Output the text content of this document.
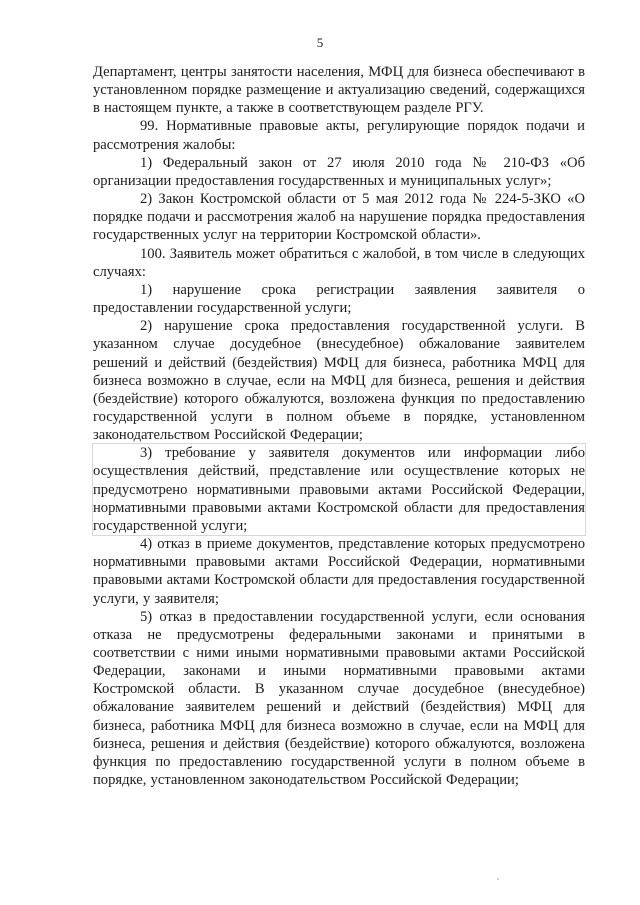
5

Департамент, центры занятости населения, МФЦ для бизнеса обеспечивают в установленном порядке размещение и актуализацию сведений, содержащихся в настоящем пункте, а также в соответствующем разделе РГУ.

99. Нормативные правовые акты, регулирующие порядок подачи и рассмотрения жалобы:

1) Федеральный закон от 27 июля 2010 года № 210-ФЗ «Об организации предоставления государственных и муниципальных услуг»;

2) Закон Костромской области от 5 мая 2012 года № 224-5-ЗКО «О порядке подачи и рассмотрения жалоб на нарушение порядка предоставления государственных услуг на территории Костромской области».

100. Заявитель может обратиться с жалобой, в том числе в следующих случаях:

1) нарушение срока регистрации заявления заявителя о предоставлении государственной услуги;

2) нарушение срока предоставления государственной услуги. В указанном случае досудебное (внесудебное) обжалование заявителем решений и действий (бездействия) МФЦ для бизнеса, работника МФЦ для бизнеса возможно в случае, если на МФЦ для бизнеса, решения и действия (бездействие) которого обжалуются, возложена функция по предоставлению государственной услуги в полном объеме в порядке, установленном законодательством Российской Федерации;

3) требование у заявителя документов или информации либо осуществления действий, представление или осуществление которых не предусмотрено нормативными правовыми актами Российской Федерации, нормативными правовыми актами Костромской области для предоставления государственной услуги;

4) отказ в приеме документов, представление которых предусмотрено нормативными правовыми актами Российской Федерации, нормативными правовыми актами Костромской области для предоставления государственной услуги, у заявителя;

5) отказ в предоставлении государственной услуги, если основания отказа не предусмотрены федеральными законами и принятыми в соответствии с ними иными нормативными правовыми актами Российской Федерации, законами и иными нормативными правовыми актами Костромской области. В указанном случае досудебное (внесудебное) обжалование заявителем решений и действий (бездействия) МФЦ для бизнеса, работника МФЦ для бизнеса возможно в случае, если на МФЦ для бизнеса, решения и действия (бездействие) которого обжалуются, возложена функция по предоставлению государственной услуги в полном объеме в порядке, установленном законодательством Российской Федерации;
